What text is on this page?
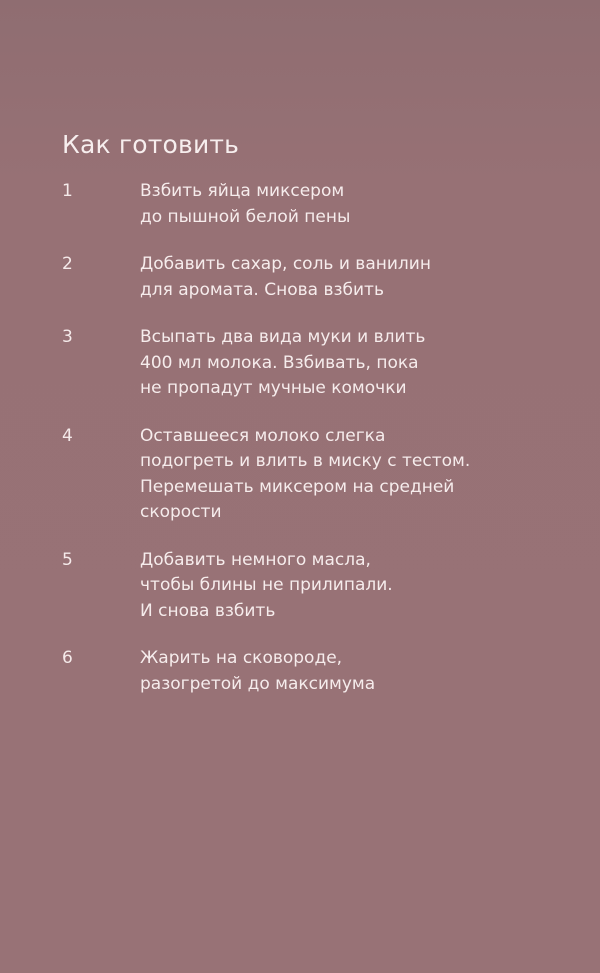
Как готовить
1	Взбить яйца миксером
до пышной белой пены
2	Добавить сахар, соль и ванилин
для аромата. Снова взбить
3	Всыпать два вида муки и влить
400 мл молока. Взбивать, пока
не пропадут мучные комочки
4	Оставшееся молоко слегка
подогреть и влить в миску с тестом.
Перемешать миксером на средней
скорости
5	Добавить немного масла,
чтобы блины не прилипали.
И снова взбить
6	Жарить на сковороде,
разогретой до максимума
